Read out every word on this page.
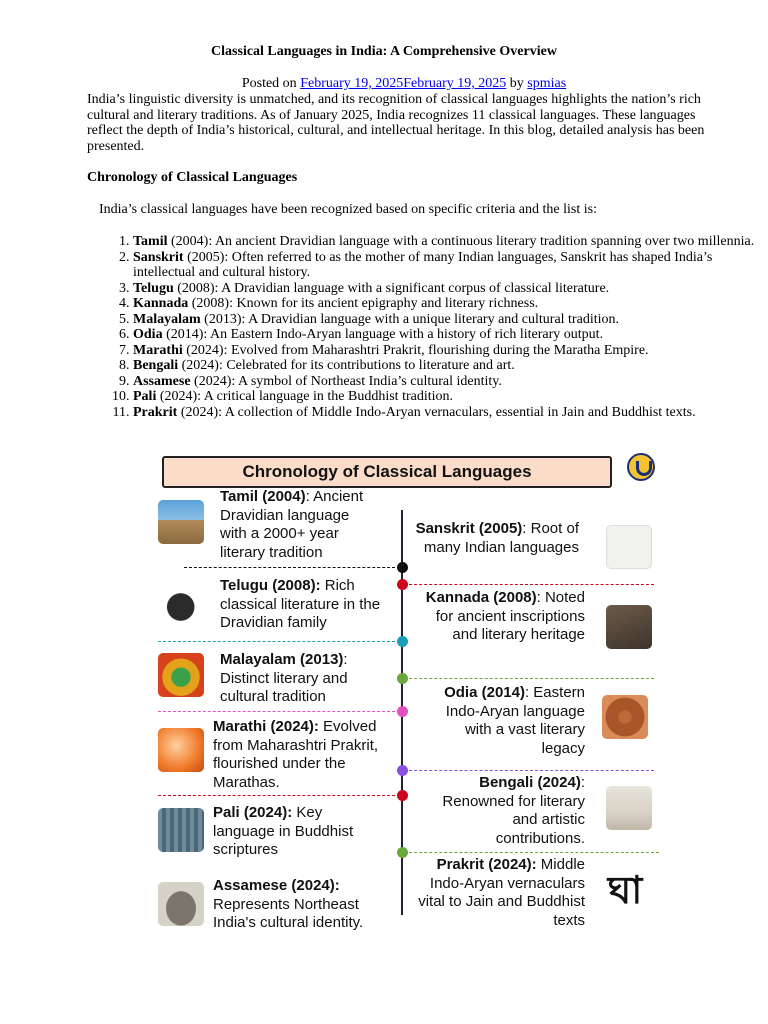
Classical Languages in India: A Comprehensive Overview
Posted on February 19, 2025February 19, 2025 by spmias
India’s linguistic diversity is unmatched, and its recognition of classical languages highlights the nation’s rich cultural and literary traditions. As of January 2025, India recognizes 11 classical languages. These languages reflect the depth of India’s historical, cultural, and intellectual heritage. In this blog, detailed analysis has been presented.
Chronology of Classical Languages
India’s classical languages have been recognized based on specific criteria and the list is:
1. Tamil (2004): An ancient Dravidian language with a continuous literary tradition spanning over two millennia.
2. Sanskrit (2005): Often referred to as the mother of many Indian languages, Sanskrit has shaped India’s intellectual and cultural history.
3. Telugu (2008): A Dravidian language with a significant corpus of classical literature.
4. Kannada (2008): Known for its ancient epigraphy and literary richness.
5. Malayalam (2013): A Dravidian language with a unique literary and cultural tradition.
6. Odia (2014): An Eastern Indo-Aryan language with a history of rich literary output.
7. Marathi (2024): Evolved from Maharashtri Prakrit, flourishing during the Maratha Empire.
8. Bengali (2024): Celebrated for its contributions to literature and art.
9. Assamese (2024): A symbol of Northeast India’s cultural identity.
10. Pali (2024): A critical language in the Buddhist tradition.
11. Prakrit (2024): A collection of Middle Indo-Aryan vernaculars, essential in Jain and Buddhist texts.
Chronology of Classical Languages
ঘা
Tamil (2004): Ancient Dravidian language with a 2000+ year literary tradition
Sanskrit (2005): Root of many Indian languages
Telugu (2008): Rich classical literature in the Dravidian family
Kannada (2008): Noted for ancient inscriptions and literary heritage
Malayalam (2013): Distinct literary and cultural tradition	Odia (2014): Eastern Indo-Aryan language with a vast literary legacy
Marathi (2024): Evolved from Maharashtri Prakrit, flourished under the Marathas.	Bengali (2024): Renowned for literary and artistic contributions.
Pali (2024): Key language in Buddhist scriptures
Prakrit (2024): Middle Indo-Aryan vernaculars vital to Jain and Buddhist texts
Assamese (2024): Represents Northeast India's cultural identity.
